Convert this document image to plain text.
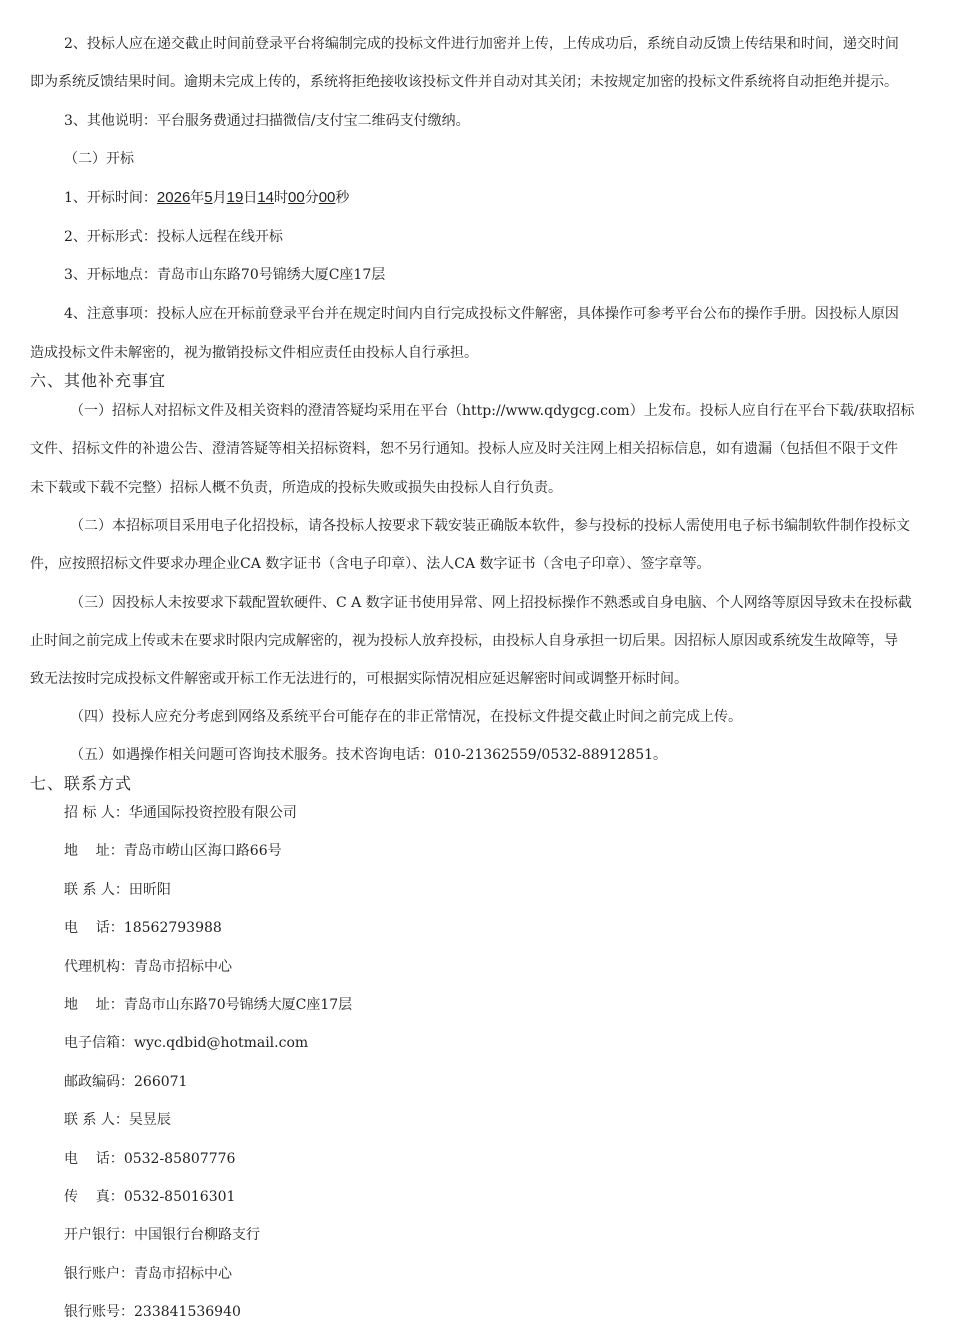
2、投标人应在递交截止时间前登录平台将编制完成的投标文件进行加密并上传，上传成功后，系统自动反馈上传结果和时间，递交时间
即为系统反馈结果时间。逾期未完成上传的，系统将拒绝接收该投标文件并自动对其关闭；未按规定加密的投标文件系统将自动拒绝并提示。
3、其他说明：平台服务费通过扫描微信/支付宝二维码支付缴纳。
（二）开标
1、开标时间：2026年5月19日14时00分00秒
2、开标形式：投标人远程在线开标
3、开标地点：青岛市山东路70号锦绣大厦C座17层
4、注意事项：投标人应在开标前登录平台并在规定时间内自行完成投标文件解密，具体操作可参考平台公布的操作手册。因投标人原因
造成投标文件未解密的，视为撤销投标文件相应责任由投标人自行承担。
六、其他补充事宜
（一）招标人对招标文件及相关资料的澄清答疑均采用在平台（http://www.qdygcg.com）上发布。投标人应自行在平台下载/获取招标
文件、招标文件的补遗公告、澄清答疑等相关招标资料，恕不另行通知。投标人应及时关注网上相关招标信息，如有遗漏（包括但不限于文件
未下载或下载不完整）招标人概不负责，所造成的投标失败或损失由投标人自行负责。
（二）本招标项目采用电子化招投标，请各投标人按要求下载安装正确版本软件，参与投标的投标人需使用电子标书编制软件制作投标文
件，应按照招标文件要求办理企业CA 数字证书（含电子印章）、法人CA 数字证书（含电子印章）、签字章等。
（三）因投标人未按要求下载配置软硬件、C A 数字证书使用异常、网上招投标操作不熟悉或自身电脑、个人网络等原因导致未在投标截
止时间之前完成上传或未在要求时限内完成解密的，视为投标人放弃投标，由投标人自身承担一切后果。因招标人原因或系统发生故障等，导
致无法按时完成投标文件解密或开标工作无法进行的，可根据实际情况相应延迟解密时间或调整开标时间。
（四）投标人应充分考虑到网络及系统平台可能存在的非正常情况，在投标文件提交截止时间之前完成上传。
（五）如遇操作相关问题可咨询技术服务。技术咨询电话：010-21362559/0532-88912851。
七、联系方式
招 标 人：华通国际投资控股有限公司
地    址：青岛市崂山区海口路66号
联 系 人：田昕阳
电    话：18562793988
代理机构：青岛市招标中心
地    址：青岛市山东路70号锦绣大厦C座17层
电子信箱：wyc.qdbid@hotmail.com
邮政编码：266071
联 系 人：吴昱辰
电    话：0532-85807776
传    真：0532-85016301
开户银行：中国银行台柳路支行
银行账户：青岛市招标中心
银行账号：233841536940
